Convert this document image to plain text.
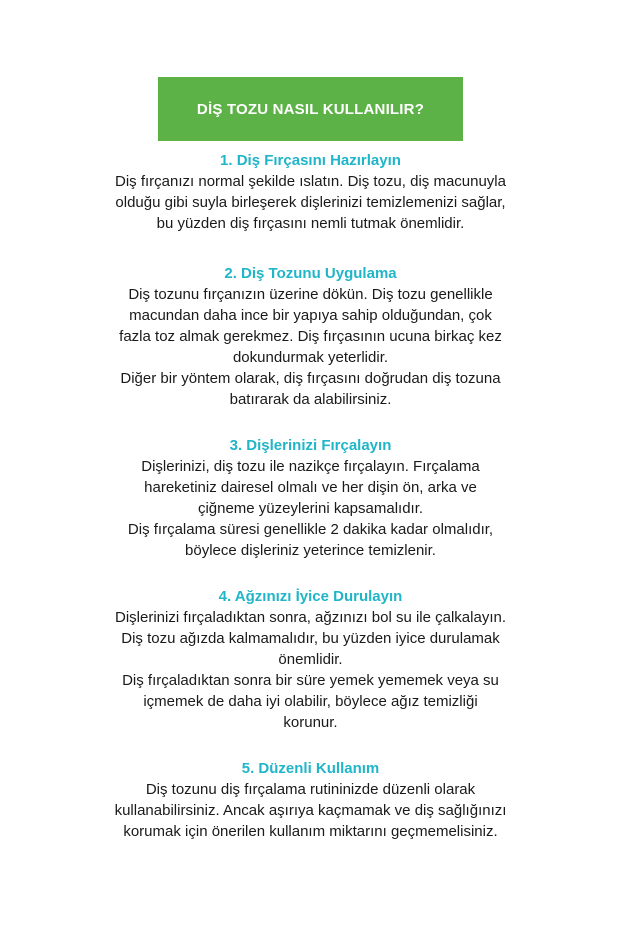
DİŞ TOZU NASIL KULLANILIR?

1. Diş Fırçasını Hazırlayın

Diş fırçanızı normal şekilde ıslatın. Diş tozu, diş macunuyla
olduğu gibi suyla birleşerek dişlerinizi temizlemenizi sağlar,
bu yüzden diş fırçasını nemli tutmak önemlidir.

2. Diş Tozunu Uygulama

Diş tozunu fırçanızın üzerine dökün. Diş tozu genellikle
macundan daha ince bir yapıya sahip olduğundan, çok
fazla toz almak gerekmez. Diş fırçasının ucuna birkaç kez
dokundurmak yeterlidir.
Diğer bir yöntem olarak, diş fırçasını doğrudan diş tozuna
batırarak da alabilirsiniz.

3. Dişlerinizi Fırçalayın

Dişlerinizi, diş tozu ile nazikçe fırçalayın. Fırçalama
hareketiniz dairesel olmalı ve her dişin ön, arka ve
çiğneme yüzeylerini kapsamalıdır.
Diş fırçalama süresi genellikle 2 dakika kadar olmalıdır,
böylece dişleriniz yeterince temizlenir.

4. Ağzınızı İyice Durulayın

Dişlerinizi fırçaladıktan sonra, ağzınızı bol su ile çalkalayın.
Diş tozu ağızda kalmamalıdır, bu yüzden iyice durulamak
önemlidir.
Diş fırçaladıktan sonra bir süre yemek yememek veya su
içmemek de daha iyi olabilir, böylece ağız temizliği
korunur.

5. Düzenli Kullanım

Diş tozunu diş fırçalama rutininizde düzenli olarak
kullanabilirsiniz. Ancak aşırıya kaçmamak ve diş sağlığınızı
korumak için önerilen kullanım miktarını geçmemelisiniz.
